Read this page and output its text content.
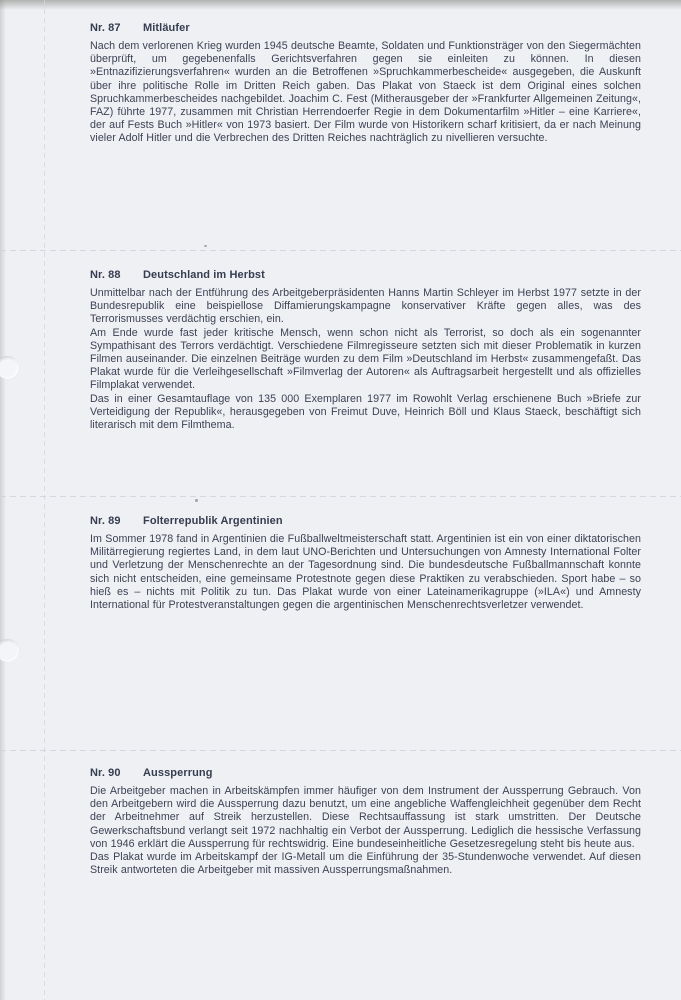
Nr. 87	Mitläufer

Nach dem verlorenen Krieg wurden 1945 deutsche Beamte, Soldaten und Funktionsträger von den Siegermächten überprüft, um gegebenenfalls Gerichtsverfahren gegen sie einleiten zu können. In diesen »Entnazifizierungsverfahren« wurden an die Betroffenen »Spruchkammerbescheide« ausgegeben, die Auskunft über ihre politische Rolle im Dritten Reich gaben. Das Plakat von Staeck ist dem Original eines solchen Spruchkammerbescheides nachgebildet. Joachim C. Fest (Mitherausgeber der »Frankfurter Allgemeinen Zeitung«, FAZ) führte 1977, zusammen mit Christian Herrendoerfer Regie in dem Dokumentarfilm »Hitler – eine Karriere«, der auf Fests Buch »Hitler« von 1973 basiert. Der Film wurde von Historikern scharf kritisiert, da er nach Meinung vieler Adolf Hitler und die Verbrechen des Dritten Reiches nachträglich zu nivellieren versuchte.

Nr. 88	Deutschland im Herbst

Unmittelbar nach der Entführung des Arbeitgeberpräsidenten Hanns Martin Schleyer im Herbst 1977 setzte in der Bundesrepublik eine beispiellose Diffamierungskampagne konservativer Kräfte gegen alles, was des Terrorismusses verdächtig erschien, ein.

Am Ende wurde fast jeder kritische Mensch, wenn schon nicht als Terrorist, so doch als ein sogenannter Sympathisant des Terrors verdächtigt. Verschiedene Filmregisseure setzten sich mit dieser Problematik in kurzen Filmen auseinander. Die einzelnen Beiträge wurden zu dem Film »Deutschland im Herbst« zusammengefaßt. Das Plakat wurde für die Verleihgesellschaft »Filmverlag der Autoren« als Auftragsarbeit hergestellt und als offizielles Filmplakat verwendet.

Das in einer Gesamtauflage von 135 000 Exemplaren 1977 im Rowohlt Verlag erschienene Buch »Briefe zur Verteidigung der Republik«, herausgegeben von Freimut Duve, Heinrich Böll und Klaus Staeck, beschäftigt sich literarisch mit dem Filmthema.

Nr. 89	Folterrepublik Argentinien

Im Sommer 1978 fand in Argentinien die Fußballweltmeisterschaft statt. Argentinien ist ein von einer diktatorischen Militärregierung regiertes Land, in dem laut UNO-Berichten und Untersuchungen von Amnesty International Folter und Verletzung der Menschenrechte an der Tagesordnung sind. Die bundesdeutsche Fußballmannschaft konnte sich nicht entscheiden, eine gemeinsame Protestnote gegen diese Praktiken zu verabschieden. Sport habe – so hieß es – nichts mit Politik zu tun. Das Plakat wurde von einer Lateinamerikagruppe (»ILA«) und Amnesty International für Protestveranstaltungen gegen die argentinischen Menschenrechtsverletzer verwendet.

Nr. 90	Aussperrung

Die Arbeitgeber machen in Arbeitskämpfen immer häufiger von dem Instrument der Aussperrung Gebrauch. Von den Arbeitgebern wird die Aussperrung dazu benutzt, um eine angebliche Waffengleichheit gegenüber dem Recht der Arbeitnehmer auf Streik herzustellen. Diese Rechtsauffassung ist stark umstritten. Der Deutsche Gewerkschaftsbund verlangt seit 1972 nachhaltig ein Verbot der Aussperrung. Lediglich die hessische Verfassung von 1946 erklärt die Aussperrung für rechtswidrig. Eine bundeseinheitliche Gesetzesregelung steht bis heute aus.

Das Plakat wurde im Arbeitskampf der IG-Metall um die Einführung der 35-Stundenwoche verwendet. Auf diesen Streik antworteten die Arbeitgeber mit massiven Aussperrungsmaßnahmen.
